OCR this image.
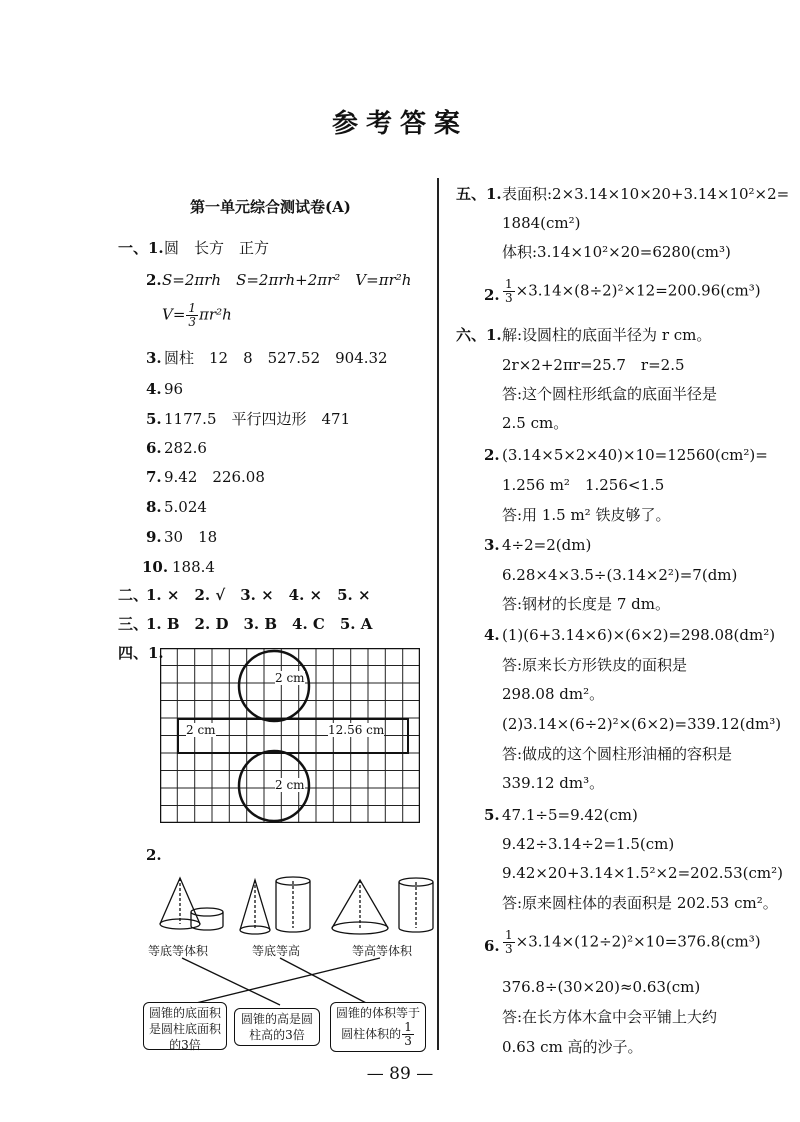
参考答案
第一单元综合测试卷(A)
一、1. 圆　长方　正方
2. S=2πrh　S=2πrh+2πr²　V=πr²h
$V= \frac{1}{3} \pi r^2h$
3. 圆柱　12　8　527.52　904.32
4. 96
5. 1177.5　平行四边形　471
6. 282.6
7. 9.42　226.08
8. 5.024
9. 30　18
10. 188.4
二、
1. ×　2. √　3. ×　4. ×　5. ×
三、
1. B　2. D　3. B　4. C　5. A
四、1.
2 cm
2 cm	12.56 cm
2 cm
2.
等底等体积	等底等高	等高等体积
圆锥的底面积是圆柱底面积的3倍
圆锥的高是圆柱高的3倍
圆锥的体积等于圆柱体积的 $\frac{1}{3}$
五、1. 表面积:2×3.14×10×20+3.14×10²×2=
1884(cm²)
体积:3.14×10²×20=6280(cm³)
2. $\frac{1}{3} \times 3.14\times(8\div 2)^2\times 12=200.96(cm^3)$
六、1. 解:设圆柱的底面半径为 r cm。
2r×2+2πr=25.7　r=2.5
答:这个圆柱形纸盒的底面半径是
2.5 cm。
2. (3.14×5×2×40)×10=12560(cm²)=
1.256 m²　1.256<1.5
答:用 1.5 m² 铁皮够了。
3. 4÷2=2(dm)
6.28×4×3.5÷(3.14×2²)=7(dm)
答:钢材的长度是 7 dm。
4. (1)(6+3.14×6)×(6×2)=298.08(dm²)
答:原来长方形铁皮的面积是
298.08 dm²。
(2)3.14×(6÷2)²×(6×2)=339.12(dm³)
答:做成的这个圆柱形油桶的容积是
339.12 dm³。
5. 47.1÷5=9.42(cm)
9.42÷3.14÷2=1.5(cm)
9.42×20+3.14×1.5²×2=202.53(cm²)
答:原来圆柱体的表面积是 202.53 cm²。
6. $\frac{1}{3} \times 3.14\times(12\div 2)^2\times 10=376.8(cm^3)$
376.8÷(30×20)≈0.63(cm)
答:在长方体木盒中会平铺上大约
0.63 cm 高的沙子。
— 89 —
